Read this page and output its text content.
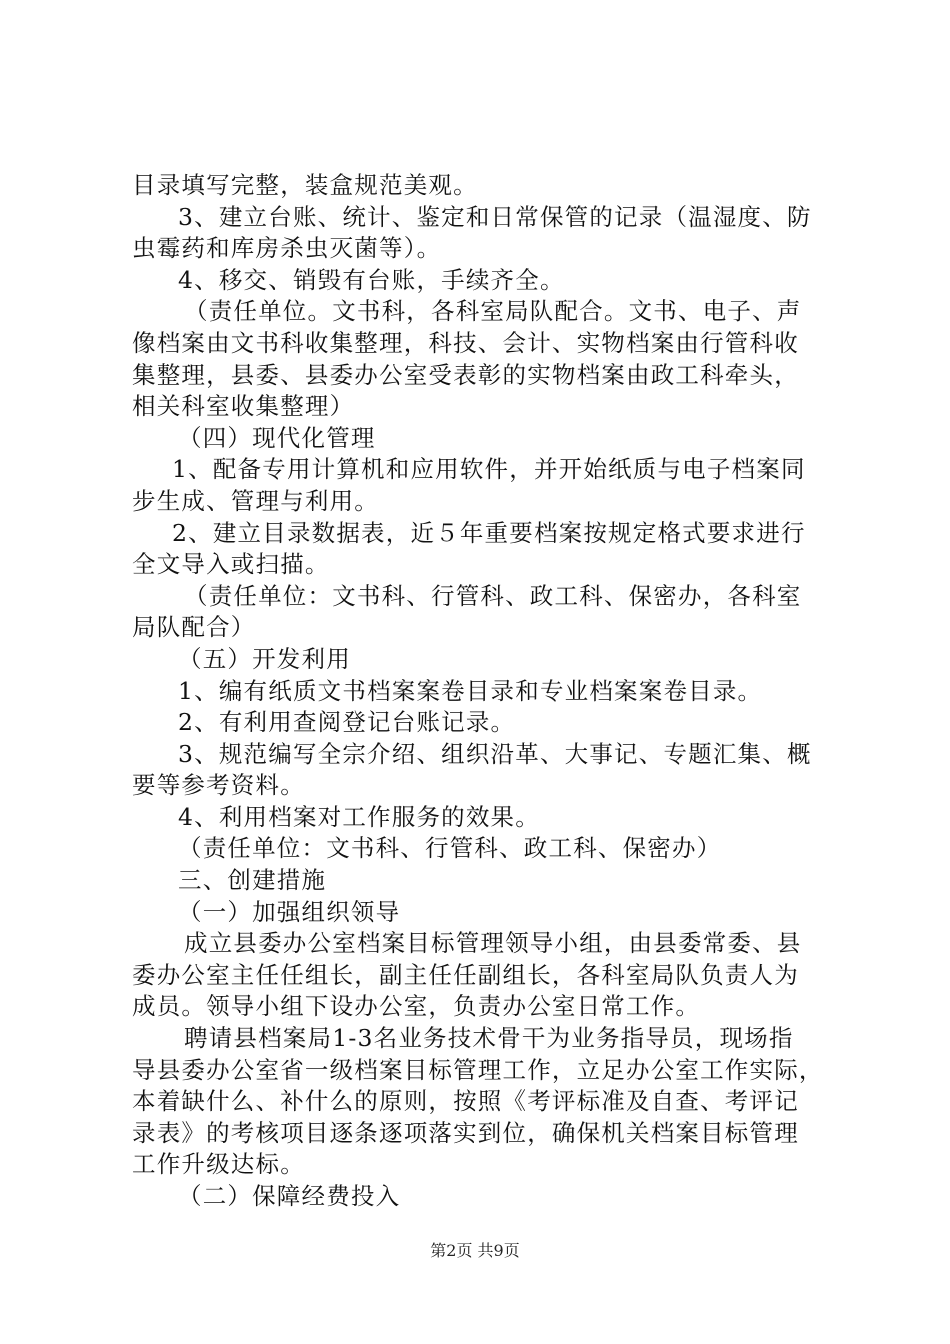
目录填写完整，装盒规范美观。
3、建立台账、统计、鉴定和日常保管的记录（温湿度、防
虫霉药和库房杀虫灭菌等）。
4、移交、销毁有台账，手续齐全。
（责任单位。文书科，各科室局队配合。文书、电子、声
像档案由文书科收集整理，科技、会计、实物档案由行管科收
集整理，县委、县委办公室受表彰的实物档案由政工科牵头，
相关科室收集整理）
（四）现代化管理
1、配备专用计算机和应用软件，并开始纸质与电子档案同
步生成、管理与利用。
2、建立目录数据表，近５年重要档案按规定格式要求进行
全文导入或扫描。
（责任单位：文书科、行管科、政工科、保密办，各科室
局队配合）
（五）开发利用
1、编有纸质文书档案案卷目录和专业档案案卷目录。
2、有利用查阅登记台账记录。
3、规范编写全宗介绍、组织沿革、大事记、专题汇集、概
要等参考资料。
4、利用档案对工作服务的效果。
（责任单位：文书科、行管科、政工科、保密办）
三、创建措施
（一）加强组织领导
成立县委办公室档案目标管理领导小组，由县委常委、县
委办公室主任任组长，副主任任副组长，各科室局队负责人为
成员。领导小组下设办公室，负责办公室日常工作。
聘请县档案局1-3名业务技术骨干为业务指导员，现场指
导县委办公室省一级档案目标管理工作，立足办公室工作实际，
本着缺什么、补什么的原则，按照《考评标准及自查、考评记
录表》的考核项目逐条逐项落实到位，确保机关档案目标管理
工作升级达标。
（二）保障经费投入
第2页 共9页
